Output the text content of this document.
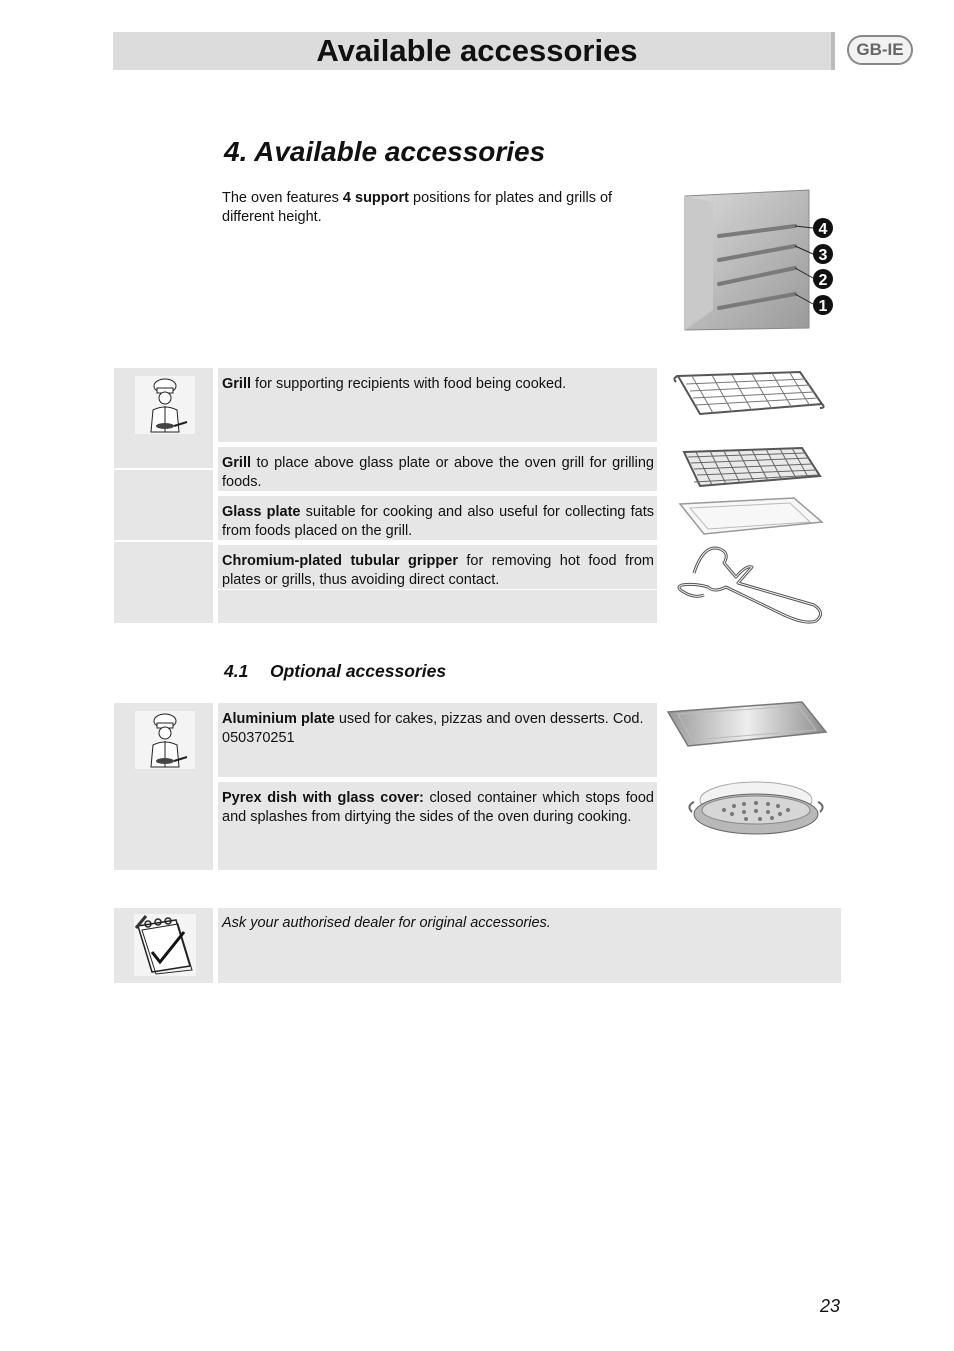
Available accessories	GB-IE
4. Available accessories
The oven features 4 support positions for plates and grills of different height.
4
3
2
1
Grill for supporting recipients with food being cooked.
Grill to place above glass plate or above the oven grill for grilling foods.
Glass plate suitable for cooking and also useful for collecting fats from foods placed on the grill.
Chromium-plated tubular gripper for removing hot food from plates or grills, thus avoiding direct contact.
4.1 Optional accessories
Aluminium plate used for cakes, pizzas and oven desserts. Cod. 050370251
Pyrex dish with glass cover: closed container which stops food and splashes from dirtying the sides of the oven during cooking.
Ask your authorised dealer for original accessories.
23
